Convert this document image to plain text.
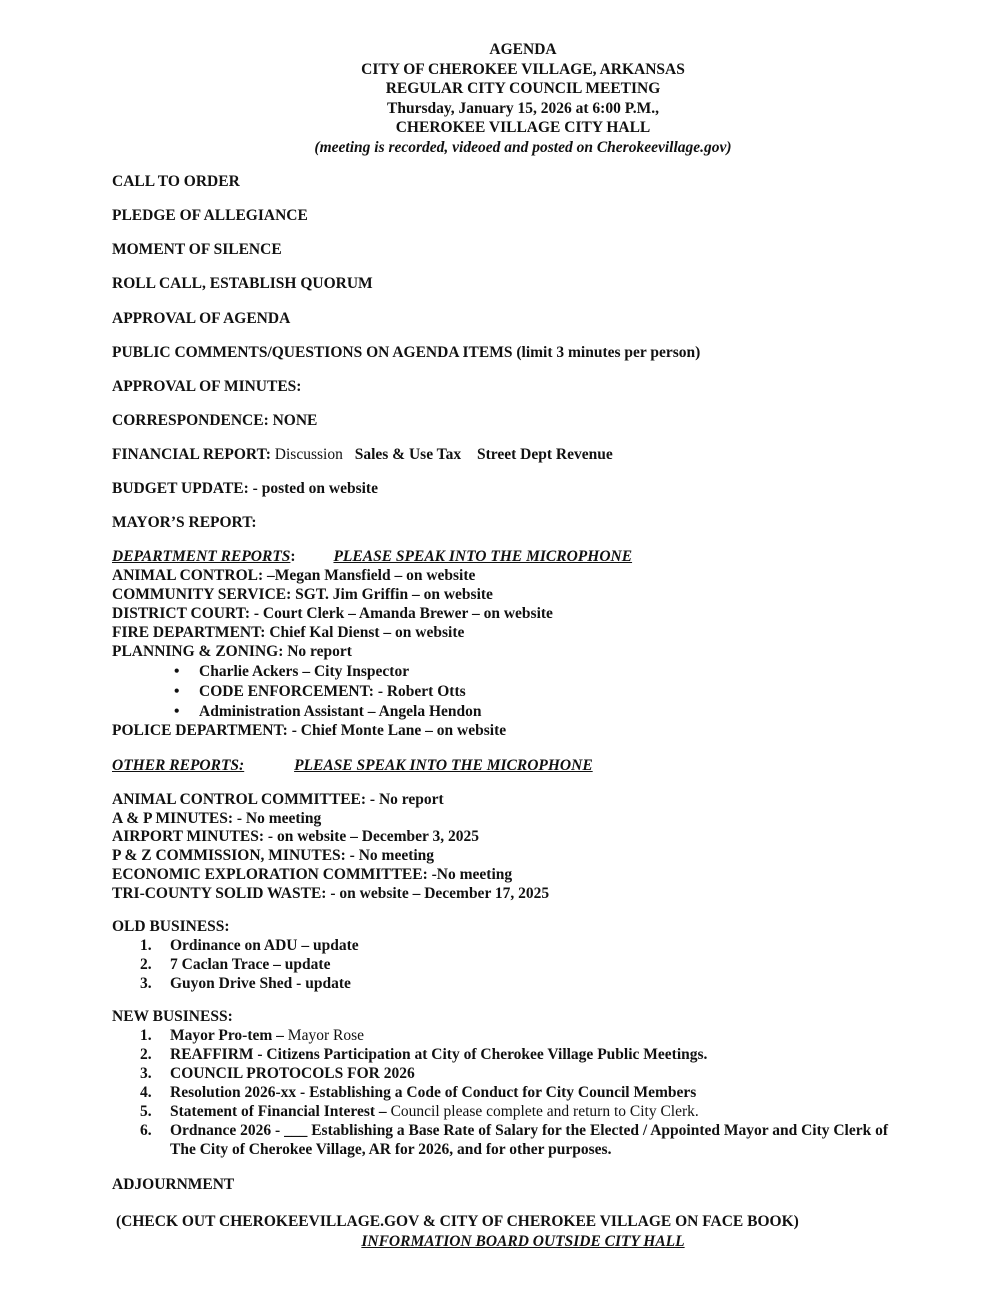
AGENDA
CITY OF CHEROKEE VILLAGE, ARKANSAS
REGULAR CITY COUNCIL MEETING
Thursday, January 15, 2026 at 6:00 P.M.,
CHEROKEE VILLAGE CITY HALL
(meeting is recorded, videoed and posted on Cherokeevillage.gov)
CALL TO ORDER
PLEDGE OF ALLEGIANCE
MOMENT OF SILENCE
ROLL CALL, ESTABLISH QUORUM
APPROVAL OF AGENDA
PUBLIC COMMENTS/QUESTIONS ON AGENDA ITEMS (limit 3 minutes per person)
APPROVAL OF MINUTES:
CORRESPONDENCE: NONE
FINANCIAL REPORT: Discussion Sales & Use Tax Street Dept Revenue
BUDGET UPDATE: - posted on website
MAYOR’S REPORT:
DEPARTMENT REPORTS: PLEASE SPEAK INTO THE MICROPHONE
ANIMAL CONTROL: –Megan Mansfield – on website
COMMUNITY SERVICE: SGT. Jim Griffin – on website
DISTRICT COURT: - Court Clerk – Amanda Brewer – on website
FIRE DEPARTMENT: Chief Kal Dienst – on website
PLANNING & ZONING: No report
• Charlie Ackers – City Inspector
• CODE ENFORCEMENT: - Robert Otts
• Administration Assistant – Angela Hendon
POLICE DEPARTMENT: - Chief Monte Lane – on website
OTHER REPORTS:	PLEASE SPEAK INTO THE MICROPHONE
ANIMAL CONTROL COMMITTEE: - No report
A & P MINUTES: - No meeting
AIRPORT MINUTES: - on website – December 3, 2025
P & Z COMMISSION, MINUTES: - No meeting
ECONOMIC EXPLORATION COMMITTEE: -No meeting
TRI-COUNTY SOLID WASTE: - on website – December 17, 2025
OLD BUSINESS:
1. Ordinance on ADU – update
2. 7 Caclan Trace – update
3. Guyon Drive Shed - update
NEW BUSINESS:
1. Mayor Pro-tem – Mayor Rose
2. REAFFIRM - Citizens Participation at City of Cherokee Village Public Meetings.
3. COUNCIL PROTOCOLS FOR 2026
4. Resolution 2026-xx - Establishing a Code of Conduct for City Council Members
5. Statement of Financial Interest – Council please complete and return to City Clerk.
6. Ordnance 2026 - ___ Establishing a Base Rate of Salary for the Elected / Appointed Mayor and City Clerk of
The City of Cherokee Village, AR for 2026, and for other purposes.
ADJOURNMENT
(CHECK OUT CHEROKEEVILLAGE.GOV & CITY OF CHEROKEE VILLAGE ON FACE BOOK)
INFORMATION BOARD OUTSIDE CITY HALL
